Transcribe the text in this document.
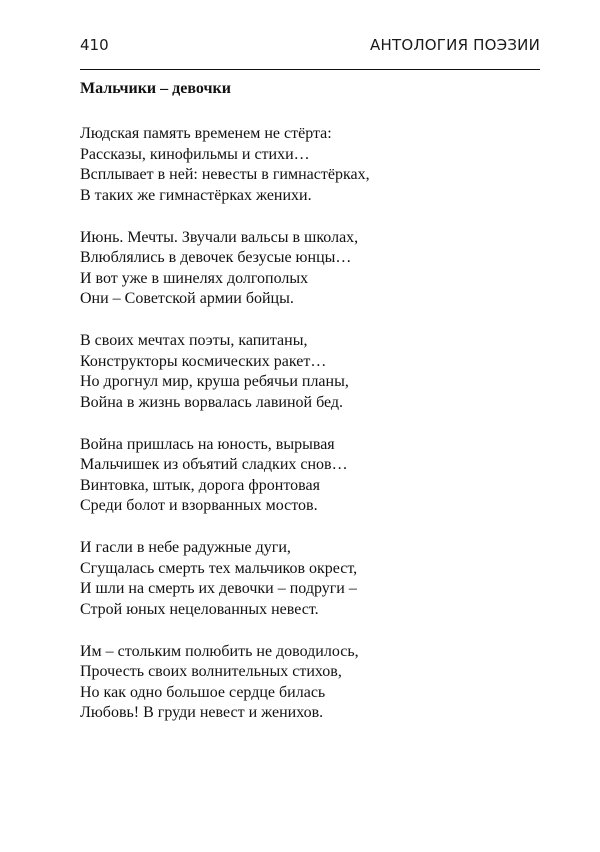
410	АНТОЛОГИЯ ПОЭЗИИ
Мальчики – девочки
Людская память временем не стёрта:
Рассказы, кинофильмы и стихи…
Всплывает в ней: невесты в гимнастёрках,
В таких же гимнастёрках женихи.
Июнь. Мечты. Звучали вальсы в школах,
Влюблялись в девочек безусые юнцы…
И вот уже в шинелях долгополых
Они – Советской армии бойцы.
В своих мечтах поэты, капитаны,
Конструкторы космических ракет…
Но дрогнул мир, круша ребячьи планы,
Война в жизнь ворвалась лавиной бед.
Война пришлась на юность, вырывая
Мальчишек из объятий сладких снов…
Винтовка, штык, дорога фронтовая
Среди болот и взорванных мостов.
И гасли в небе радужные дуги,
Сгущалась смерть тех мальчиков окрест,
И шли на смерть их девочки – подруги –
Строй юных нецелованных невест.
Им – стольким полюбить не доводилось,
Прочесть своих волнительных стихов,
Но как одно большое сердце билась
Любовь! В груди невест и женихов.
